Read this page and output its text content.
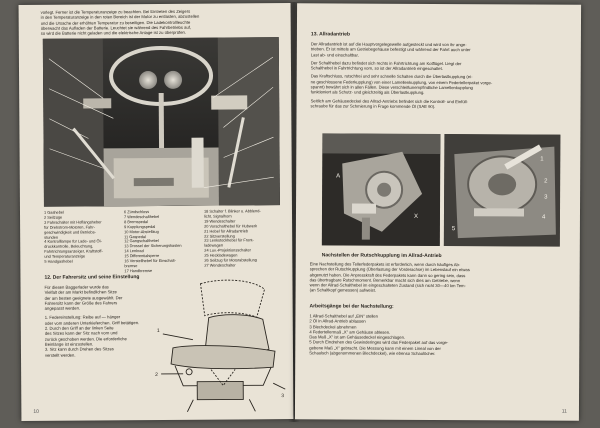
vorlegt. Ferner ist die Temperaturanzeige zu beachten. Bei Eintreten des Zeigers

in den Temperaturanzeige in den roten Bereich ist der Motor zu entlasten, abzustellen

und die Ursache der erhöhten Temperatur zu beseitigen. Die Ladekontrollleuchte

überwacht das Aufladen der Batterie. Leuchtet sie während des Fahrbetriebs auf,

so wird die Batterie nicht geladen und die elektrische Anlage ist zu überprüfen.

1 Gashebel

2 Seilzüge

3 Fahrschalter mit Hoflängsheber

für Drehstrom-Motoren, Fahr-

geschwindigkeit und Betriebs-

stunden

4 Kontrolllampe für Lade- und Öl-

druckkontrolle, Beleuchtung,

Fahrtrichtungsanzeiger, Kraftstoff-

und Temperaturanzeige

5 Handgashebel

6 Zündschloss

7 Wendeschalthebel

8 Bremspedal

9 Kupplungspedal

10 Motor-Abstellzug

11 Gaspedal

12 Gangschalthebel

13 Drossel der Sicherungskasten

14 Lenkrad

15 Differentialsperre

16 Verstellhebel für Einschalt-

bremse

17 Handbremse

18 Schalter f. Blinker u. Abblend-

licht, Signalhorn

19 Wendeschalter

20 Vorschalthebel für Hubwerk

21 Hebel für Allradantrieb

22 Sitzverstellung

23 Lenkstockhebel für Front-

ladewagen

24 Luv.-Projektionsschalter

25 Heckladewagen

26 Seilzug für Motorabstellung

27 Wendeschalter

12. Der Fahrersitz und seine Einstellung

Für diesen Baggerlader wurde das

Vielfalt der am Markt befindlichen Sitze

der am besten geeignete ausgewählt. Der

Fahrersitz kann der Größe des Fahrers

angepasst werden.

1. Federeinstellung: Reibe auf — hänger

oder vom anderen Unterkieferchen. Griff betätigen.

2. Durch den Griff an der linken Seite

des Sitzes kann der Sitz nach vorn und

zurück geschoben werden. Die erforderliche

Beinlänge ist einzustellen.

3. Sitz kann durch Drehen des Sitzes

verstellt werden.

1
2
3
10

13. Allradantrieb

Der Allradantrieb ist auf die Hauptvorgelegewelle aufgesteckt und wird von ihr ange-

trieben. Er ist mittels am Getriebegehäuse befestigt und während der Fahrt auch unter

Last ab- und einschaltbar.

Der Schalthebel dazu befindet sich rechts in Fahrtrichtung am Kotflügel. Liegt der

Schalthebel in Fahrtrichtung vorn, so ist der Allradantrieb eingeschaltet.

Das Kraftschluss, rutschfrei und sehr schnelle Schalten durch die Überlastkupplung (ei-

ne geschlossene Federkupplung) von einer Lamellenkupplung, von einem Federtellerpaket vorge-

spannt) bewährt sich in allen Fällen. Diese verschleißunempfindliche Lamellenkupplung

funktioniert als Schutz- und gleichzeitig als Überlastkupplung.

Seitlich am Gehäusedeckel des Allrad-Antriebs befindet sich die Kontroll- und Einfüll-

schraube für das zur Schmierung in Frage kommende Öl (SAE 90).

A
X
1
2
3
4
5

Nachstellen der Rutschkupplung im Allrad-Antrieb

Eine Nachstellung des Tellerfederpakets ist erforderlich, wenn durch häufiges Ab-

sprechen der Rutschkupplung (Überlastung der Vorderachse) im Lebenslauf ein etwas

abgenutzt haben. Die Anpresskraft des Federpakets kann dann so gering sein, dass

das übertragbare Rutschmoment. Bemerkbar macht sich dies am Getriebe, wenn

wenn der Allrad-Schalthebel im eingeschalteten Zustand (sich nicht 30—40 km Tem-

(an Schaltkopf gemessen) aufweist.

Arbeitsgänge bei der Nachstellung:

1 Allrad-Schalthebel auf „EIN" stellen

2 Öl in Allrad-Antrieb ablassen

3 Blechdeckel abnehmen

4 Federtellermaß „X" am Gehäuse ablesen.

Das Maß „X" ist am Gehäusedeckel eingeschlagen.

5 Durch Eindrehen des Gewinderinges wird das Federpaket auf das vorge-

gebene Maß „X" gebracht. Die Messung kann mit einem Lineal von der

Schaulsch (abgenommenen Blechdeckel), wie ebenso Schaulöcher.

11
